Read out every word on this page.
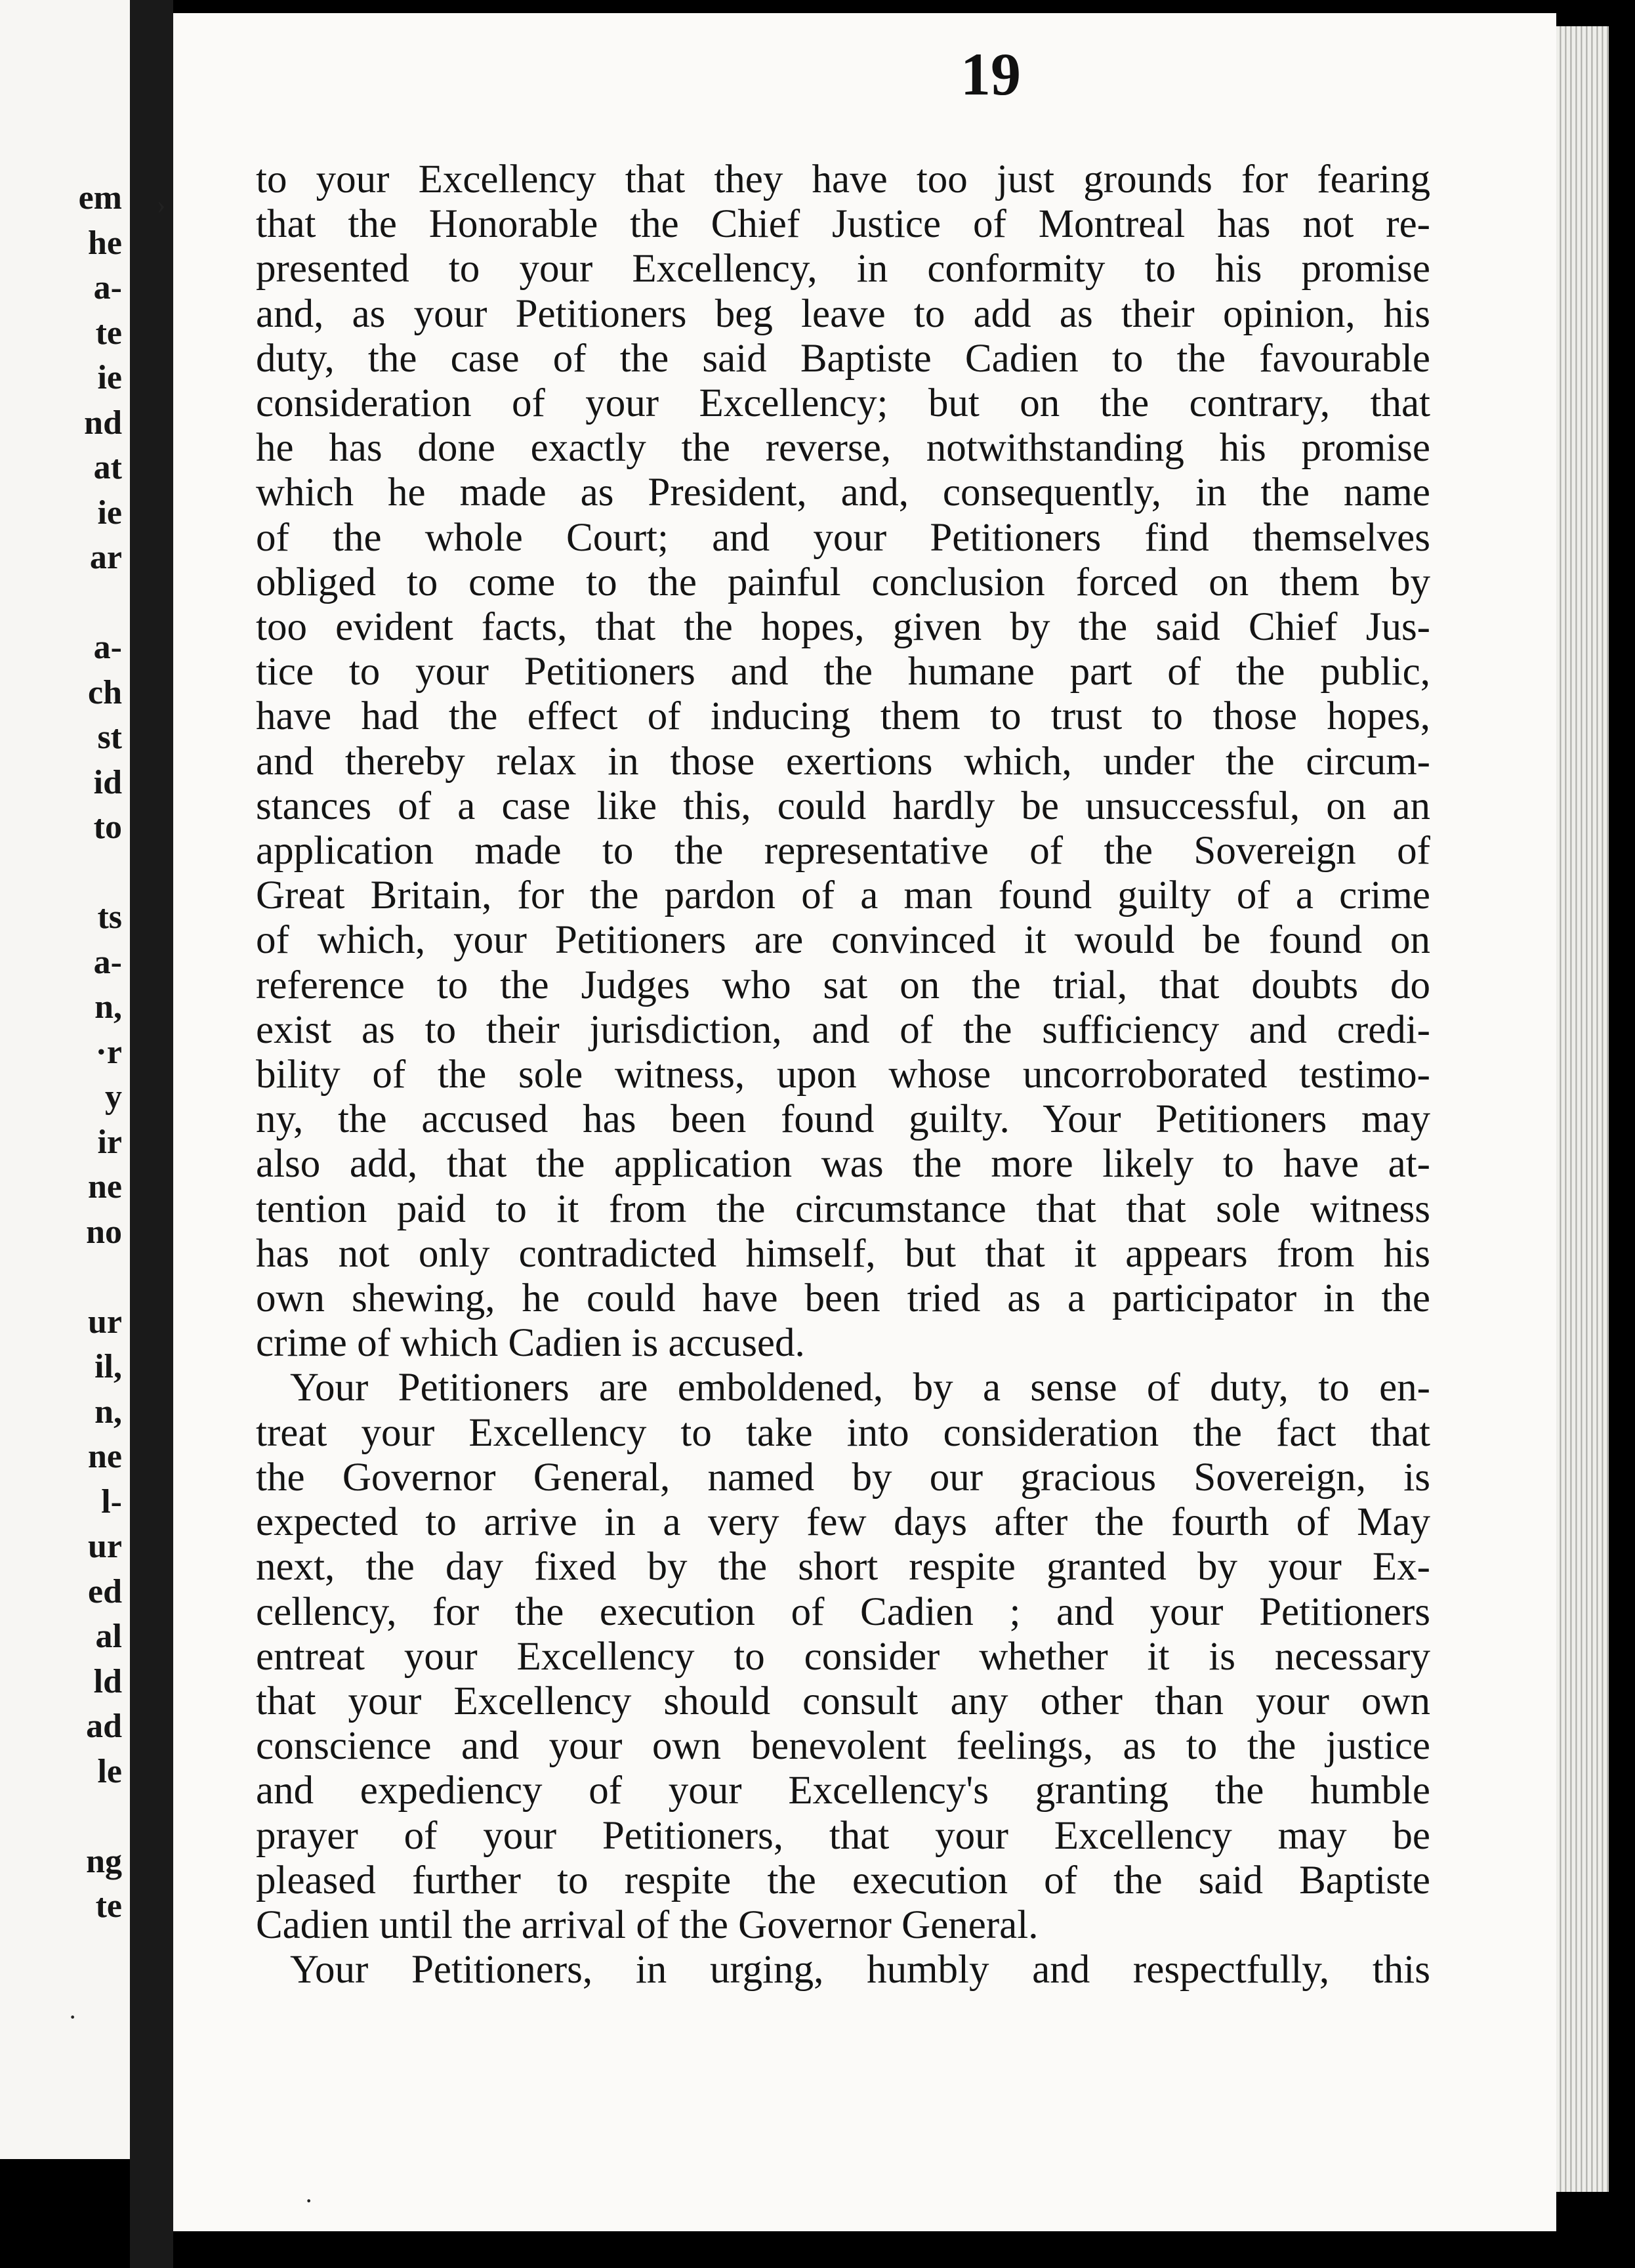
em
he
a-
te
ie
nd
at
ie
ar

a-
ch
st
id
to

ts
a-
n,
·r
y
ir
ne
no

ur
il,
n,
ne
l-
ur
ed
al
ld
ad
le

ng
te
19
›
·
·
to your Excellency that they have too just grounds for fearing
that the Honorable the Chief Justice of Montreal has not re-
presented to your Excellency, in conformity to his promise
and, as your Petitioners beg leave to add as their opinion, his
duty, the case of the said Baptiste Cadien to the favourable
consideration of your Excellency; but on the contrary, that
he has done exactly the reverse, notwithstanding his promise
which he made as President, and, consequently, in the name
of the whole Court; and your Petitioners find themselves
obliged to come to the painful conclusion forced on them by
too evident facts, that the hopes, given by the said Chief Jus-
tice to your Petitioners and the humane part of the public,
have had the effect of inducing them to trust to those hopes,
and thereby relax in those exertions which, under the circum-
stances of a case like this, could hardly be unsuccessful, on an
application made to the representative of the Sovereign of
Great Britain, for the pardon of a man found guilty of a crime
of which, your Petitioners are convinced it would be found on
reference to the Judges who sat on the trial, that doubts do
exist as to their jurisdiction, and of the sufficiency and credi-
bility of the sole witness, upon whose uncorroborated testimo-
ny, the accused has been found guilty. Your Petitioners may
also add, that the application was the more likely to have at-
tention paid to it from the circumstance that that sole witness
has not only contradicted himself, but that it appears from his
own shewing, he could have been tried as a participator in the
crime of which Cadien is accused.
Your Petitioners are emboldened, by a sense of duty, to en-
treat your Excellency to take into consideration the fact that
the Governor General, named by our gracious Sovereign, is
expected to arrive in a very few days after the fourth of May
next, the day fixed by the short respite granted by your Ex-
cellency, for the execution of Cadien ; and your Petitioners
entreat your Excellency to consider whether it is necessary
that your Excellency should consult any other than your own
conscience and your own benevolent feelings, as to the justice
and expediency of your Excellency's granting the humble
prayer of your Petitioners, that your Excellency may be
pleased further to respite the execution of the said Baptiste
Cadien until the arrival of the Governor General.
Your Petitioners, in urging, humbly and respectfully, this
